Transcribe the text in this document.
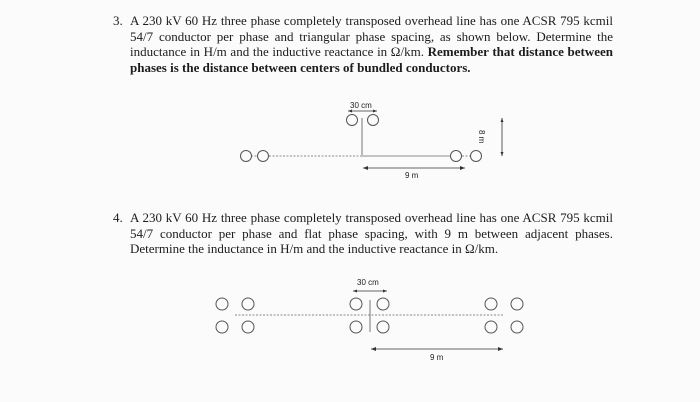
3. A 230 kV 60 Hz three phase completely transposed overhead line has one ACSR 795 kcmil 54/7 conductor per phase and triangular phase spacing, as shown below. Determine the inductance in H/m and the inductive reactance in Ω/km. Remember that distance between phases is the distance between centers of bundled conductors.
30 cm
9 m
8 m
4. A 230 kV 60 Hz three phase completely transposed overhead line has one ACSR 795 kcmil 54/7 conductor per phase and flat phase spacing, with 9 m between adjacent phases. Determine the inductance in H/m and the inductive reactance in Ω/km.
30 cm
9 m
